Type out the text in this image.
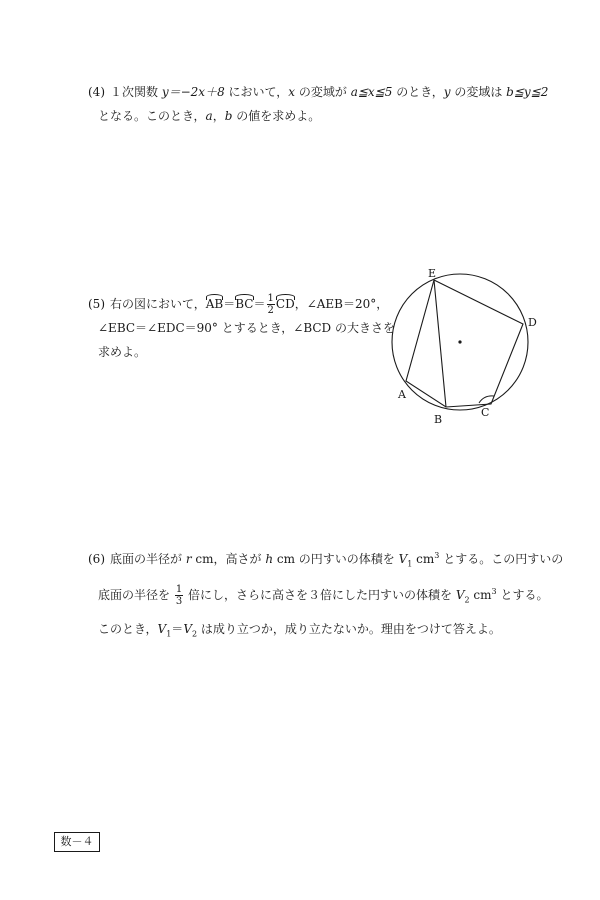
(4) １次関数 y＝−2x＋8 において，x の変域が a≦x≦5 のとき，y の変域は b≦y≦2
となる。このとき，a，b の値を求めよ。
(5) 右の図において，$AB=BC= \frac{1}{2}$ CD，∠AEB＝20°，
∠EBC＝∠EDC＝90° とするとき，∠BCD の大きさを
求めよ。
E
D
A
B
C
(6) 底面の半径が r cm，高さが h cm の円すいの体積を $V_1$ $cm^3$ とする。この円すいの
底面の半径を $\frac{1}{3}$ 倍にし，さらに高さを３倍にした円すいの体積を $V_2$ $cm^3$ とする。
このとき，$V_1=V_2$ は成り立つか，成り立たないか。理由をつけて答えよ。
数－４
